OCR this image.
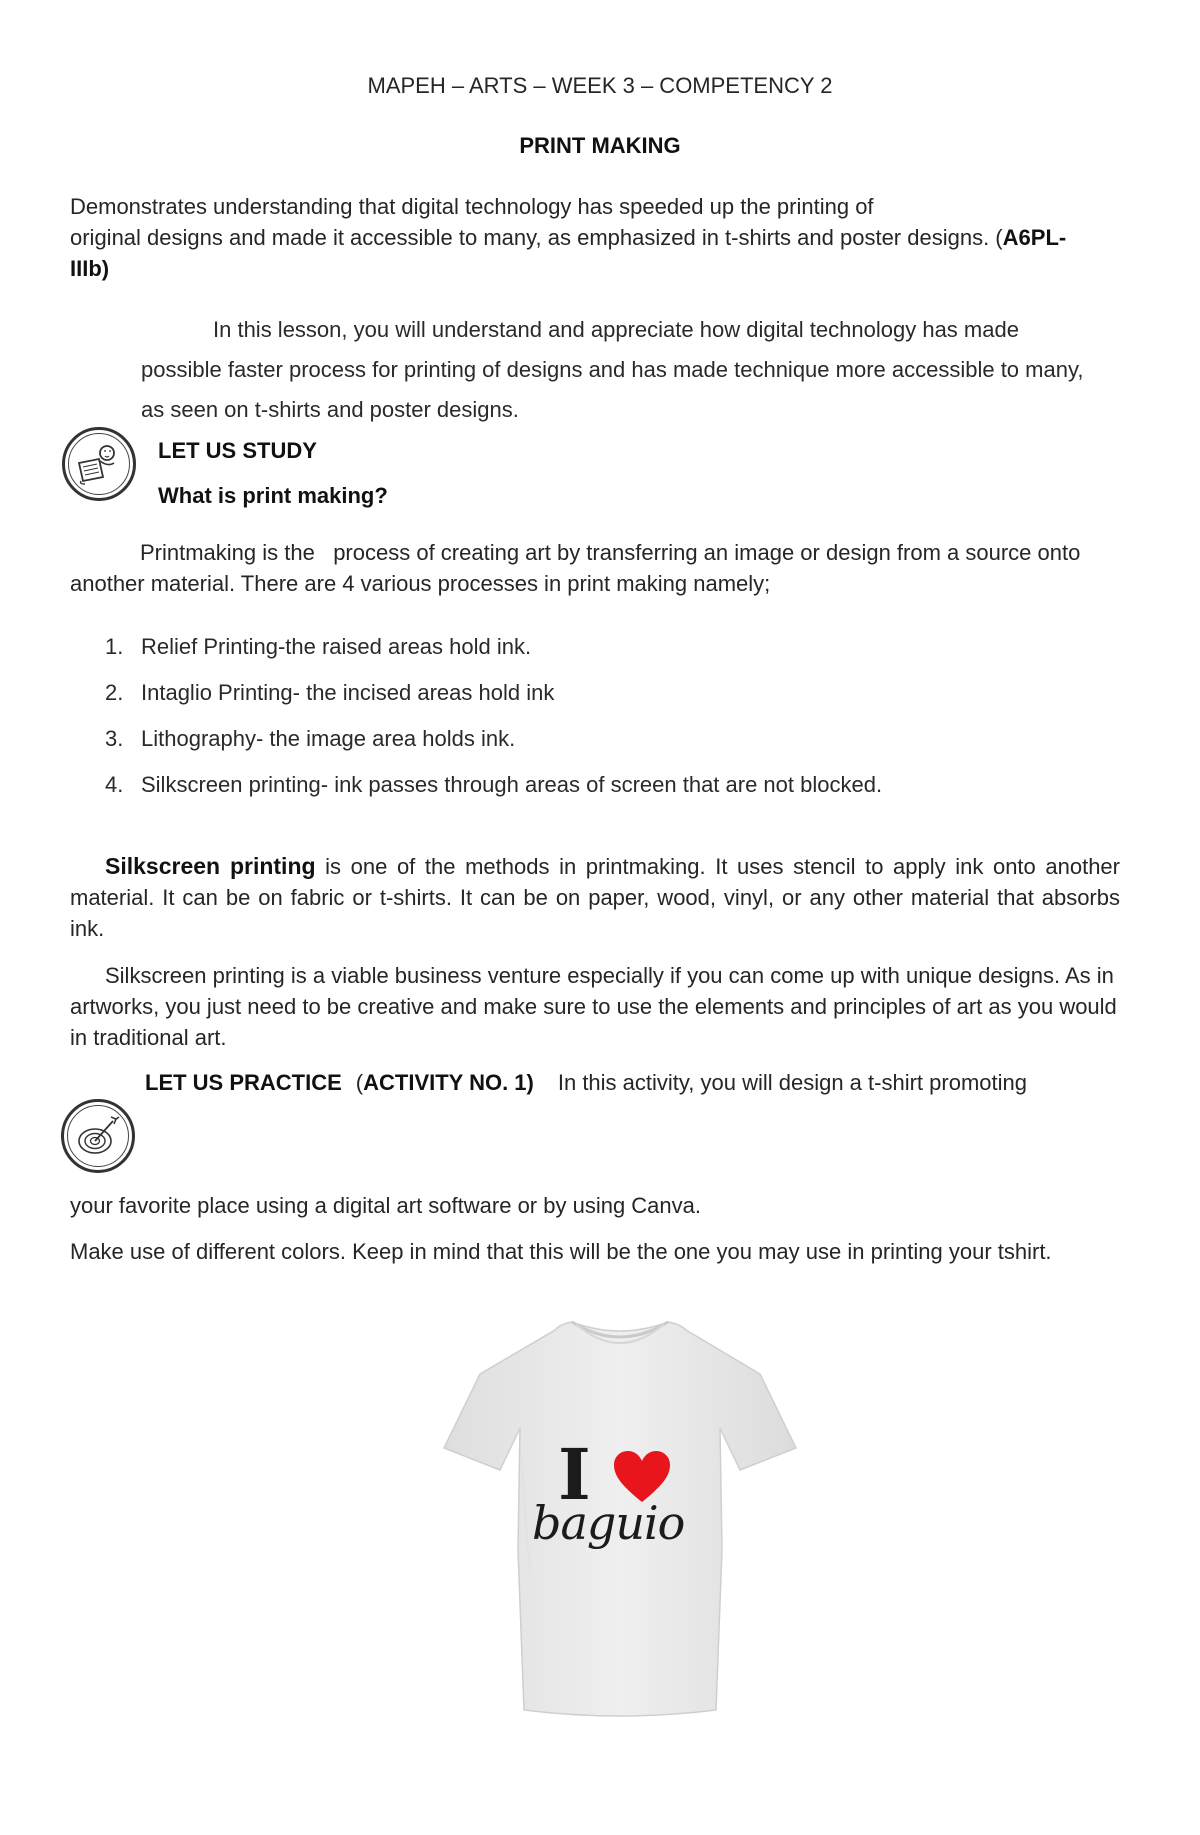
MAPEH – ARTS – WEEK 3 – COMPETENCY 2
PRINT MAKING
Demonstrates understanding that digital technology has speeded up the printing of
original designs and made it accessible to many, as emphasized in t-shirts and poster designs. (A6PL-
IIIb)
In this lesson, you will understand and appreciate how digital technology has made
possible faster process for printing of designs and has made technique more accessible to many,
as seen on t-shirts and poster designs.
LET US STUDY
What is print making?
Printmaking is the   process of creating art by transferring an image or design from a source onto
another material. There are 4 various processes in print making namely;
1. Relief Printing-the raised areas hold ink.
2. Intaglio Printing- the incised areas hold ink
3. Lithography- the image area holds ink.
4. Silkscreen printing- ink passes through areas of screen that are not blocked.
Silkscreen printing is one of the methods in printmaking. It uses stencil to apply ink onto another material. It can be on fabric or t-shirts. It can be on paper, wood, vinyl, or any other material that absorbs ink.
Silkscreen printing is a viable business venture especially if you can come up with unique designs. As in artworks, you just need to be creative and make sure to use the elements and principles of art as you would in traditional art.
LET US PRACTICE (ACTIVITY NO. 1) In this activity, you will design a t-shirt promoting
your favorite place using a digital art software or by using Canva.
Make use of different colors. Keep in mind that this will be the one you may use in printing your tshirt.
I
baguio
